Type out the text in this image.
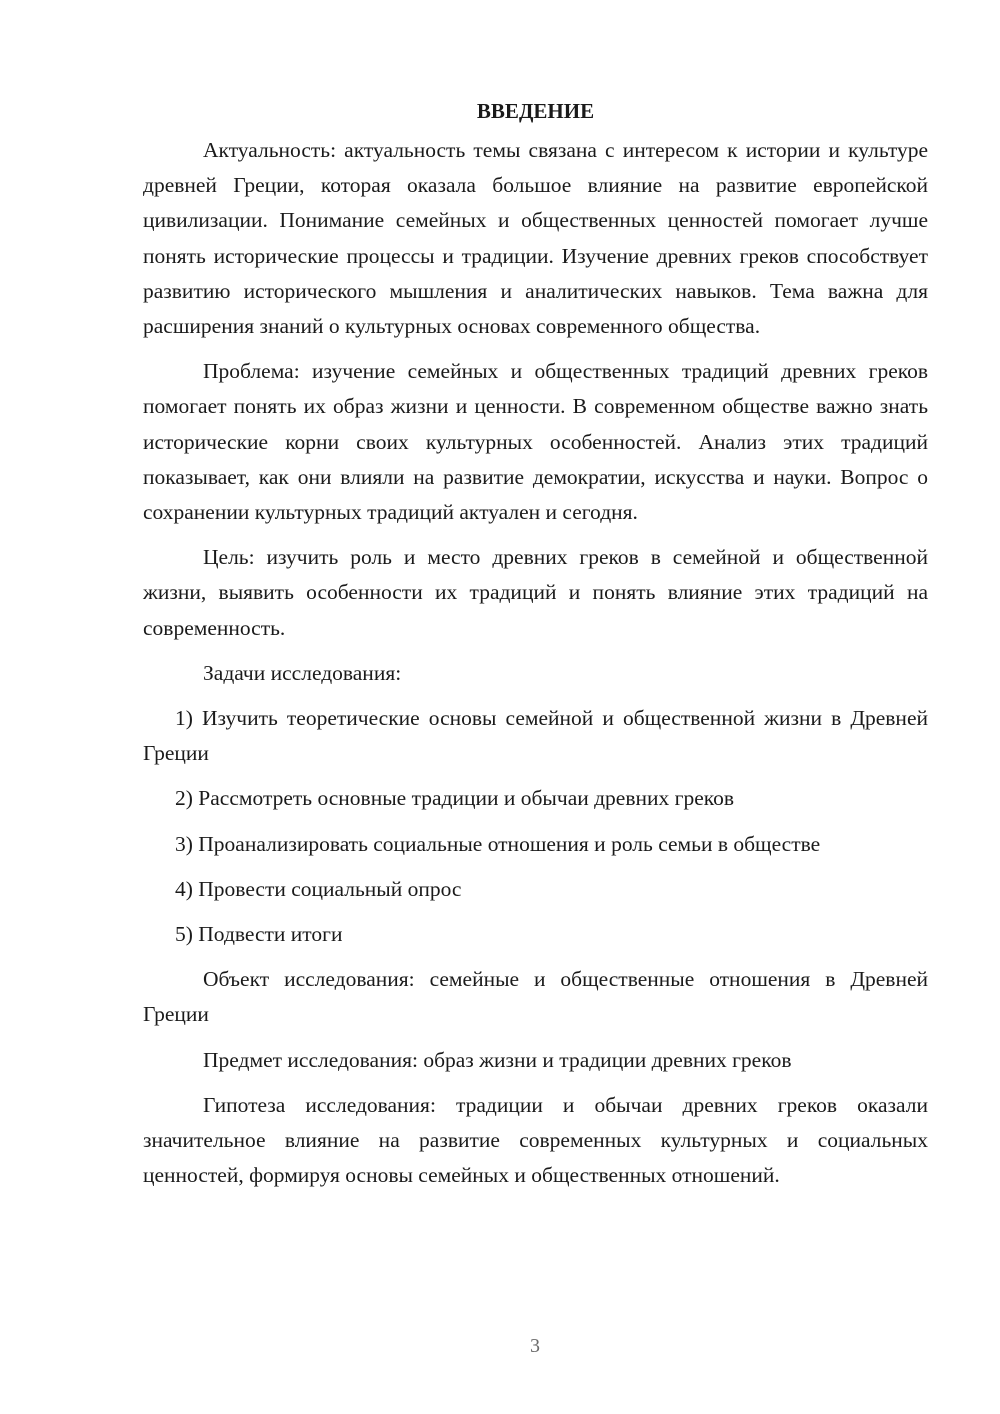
ВВЕДЕНИЕ

Актуальность: актуальность темы связана с интересом к истории и культуре древней Греции, которая оказала большое влияние на развитие европейской цивилизации. Понимание семейных и общественных ценностей помогает лучше понять исторические процессы и традиции. Изучение древних греков способствует развитию исторического мышления и аналитических навыков. Тема важна для расширения знаний о культурных основах современного общества.

Проблема: изучение семейных и общественных традиций древних греков помогает понять их образ жизни и ценности. В современном обществе важно знать исторические корни своих культурных особенностей. Анализ этих традиций показывает, как они влияли на развитие демократии, искусства и науки. Вопрос о сохранении культурных традиций актуален и сегодня.

Цель: изучить роль и место древних греков в семейной и общественной жизни, выявить особенности их традиций и понять влияние этих традиций на современность.

Задачи исследования:

1) Изучить теоретические основы семейной и общественной жизни в Древней Греции

2) Рассмотреть основные традиции и обычаи древних греков

3) Проанализировать социальные отношения и роль семьи в обществе

4) Провести социальный опрос

5) Подвести итоги

Объект исследования: семейные и общественные отношения в Древней Греции

Предмет исследования: образ жизни и традиции древних греков

Гипотеза исследования: традиции и обычаи древних греков оказали значительное влияние на развитие современных культурных и социальных ценностей, формируя основы семейных и общественных отношений.

3
